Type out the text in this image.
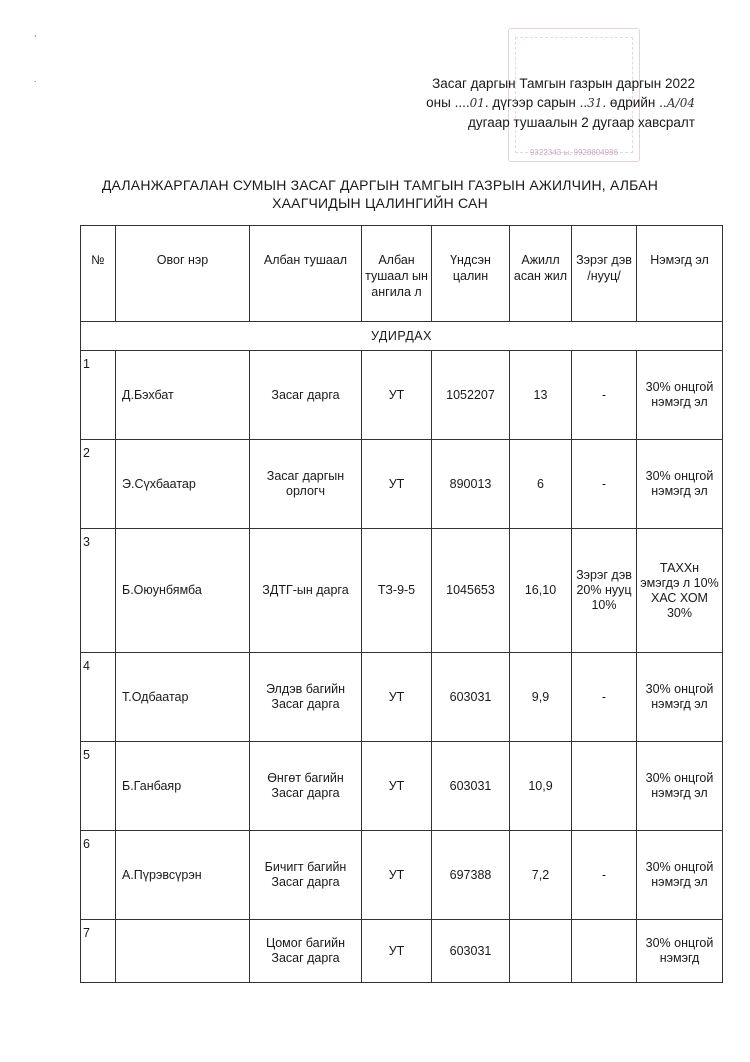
,
.
9322343 ы. 9928804986
Засаг даргын Тамгын газрын даргын 2022
оны ....01. дүгээр сарын ..31. өдрийн ..А/04
дугаар тушаалын 2 дугаар хавсралт
ДАЛАНЖАРГАЛАН СУМЫН ЗАСАГ ДАРГЫН ТАМГЫН ГАЗРЫН АЖИЛЧИН, АЛБАН
ХААГЧИДЫН ЦАЛИНГИЙН САН
№	Овог нэр	Албан тушаал	Албан тушаал ын ангила л	Үндсэн цалин	Ажилл асан жил	Зэрэг дэв /нууц/	Нэмэгд эл
УДИРДАХ							
1	Д.Бэхбат	Засаг дарга	УТ	1052207	13	-	30% онцгой нэмэгд эл
2	Э.Сүхбаатар	Засаг даргын орлогч	УТ	890013	6	-	30% онцгой нэмэгд эл
3	Б.Оюунбямба	ЗДТГ-ын дарга	ТЗ-9-5	1045653	16,10	Зэрэг дэв 20% нууц 10%	ТАХХн эмэгдэ л 10% ХАС ХОМ 30%
4	Т.Одбаатар	Элдэв багийн Засаг дарга	УТ	603031	9,9	-	30% онцгой нэмэгд эл
5	Б.Ганбаяр	Өнгөт багийн Засаг дарга	УТ	603031	10,9		30% онцгой нэмэгд эл
6	А.Пүрэвсүрэн	Бичигт багийн Засаг дарга	УТ	697388	7,2	-	30% онцгой нэмэгд эл
7		Цомог багийн Засаг дарга	УТ	603031			30% онцгой нэмэгд
